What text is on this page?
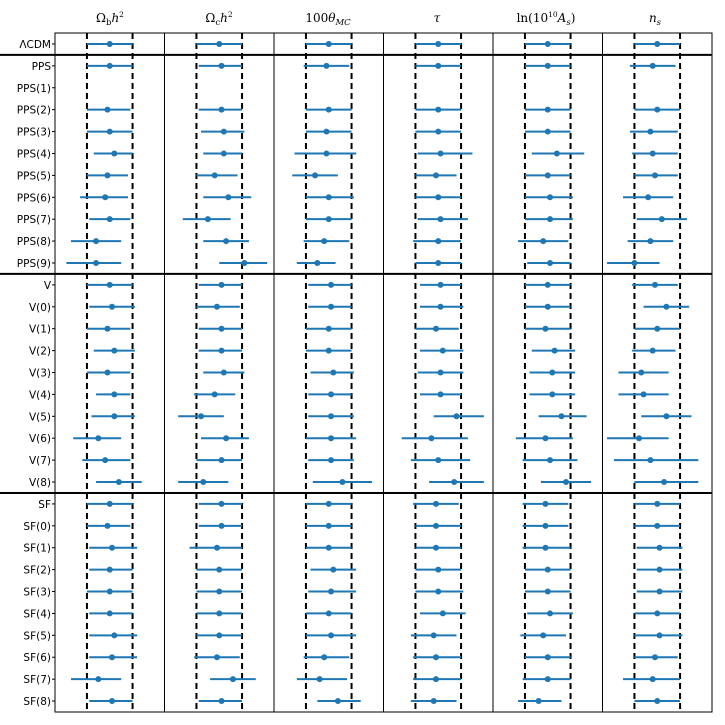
$\Omega_bh^2$	$\Omega_ch^2$	$100\theta_{MC}$	τ	$\ln(10^{10}A_s)$	$n_s$
ΛCDM
PPS
PPS(1)
PPS(2)
PPS(3)
PPS(4)
PPS(5)
PPS(6)
PPS(7)
PPS(8)
PPS(9)
V
V(0)
V(1)
V(2)
V(3)
V(4)
V(5)
V(6)
V(7)
V(8)
SF
SF(0)
SF(1)
SF(2)
SF(3)
SF(4)
SF(5)
SF(6)
SF(7)
SF(8)
